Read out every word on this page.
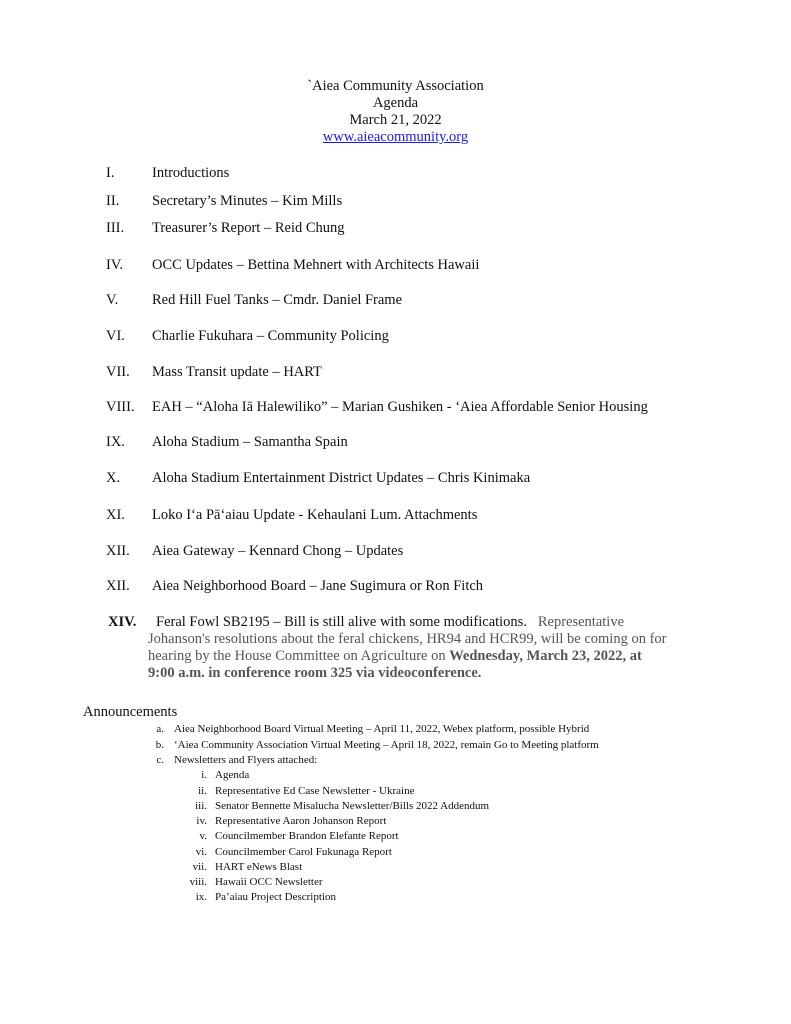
`Aiea Community Association
Agenda
March 21, 2022
www.aieacommunity.org
I.	Introductions
II. Secretary’s Minutes – Kim Mills
III. Treasurer’s Report – Reid Chung
IV. OCC Updates – Bettina Mehnert with Architects Hawaii
V. Red Hill Fuel Tanks – Cmdr. Daniel Frame
VI. Charlie Fukuhara – Community Policing
VII. Mass Transit update – HART
VIII. EAH – “Aloha Iā Halewiliko” – Marian Gushiken - ‘Aiea Affordable Senior Housing
IX. Aloha Stadium – Samantha Spain
X. Aloha Stadium Entertainment District Updates – Chris Kinimaka
XI. Loko I‘a Pā‘aiau Update - Kehaulani Lum. Attachments
XII. Aiea Gateway – Kennard Chong – Updates
XII. Aiea Neighborhood Board – Jane Sugimura or Ron Fitch
XIV. Feral Fowl SB2195 – Bill is still alive with some modifications. Representative
Johanson's resolutions about the feral chickens, HR94 and HCR99, will be coming on for
hearing by the House Committee on Agriculture on Wednesday, March 23, 2022, at
9:00 a.m. in conference room 325 via videoconference.
Announcements
a. Aiea Neighborhood Board Virtual Meeting – April 11, 2022, Webex platform, possible Hybrid
b. ‘Aiea Community Association Virtual Meeting – April 18, 2022, remain Go to Meeting platform
c. Newsletters and Flyers attached:
i. Agenda
ii. Representative Ed Case Newsletter - Ukraine
iii. Senator Bennette Misalucha Newsletter/Bills 2022 Addendum
iv. Representative Aaron Johanson Report
v. Councilmember Brandon Elefante Report
vi. Councilmember Carol Fukunaga Report
vii. HART eNews Blast
viii. Hawaii OCC Newsletter
ix. Pa’aiau Project Description
